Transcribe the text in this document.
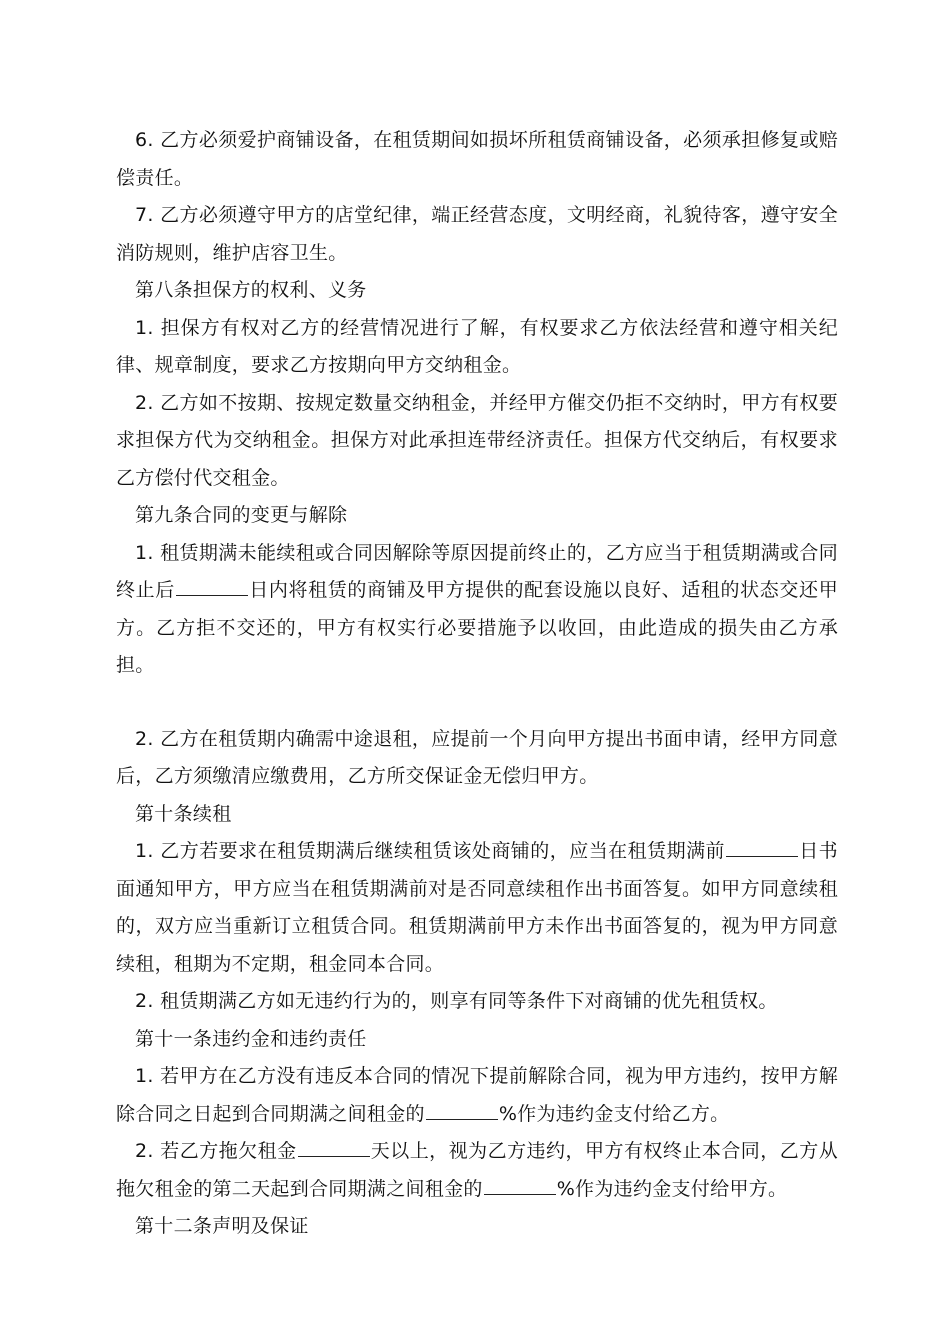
6. 乙方必须爱护商铺设备，在租赁期间如损坏所租赁商铺设备，必须承担修复或赔偿责任。

7. 乙方必须遵守甲方的店堂纪律，端正经营态度，文明经商，礼貌待客，遵守安全消防规则，维护店容卫生。

第八条担保方的权利、义务

1. 担保方有权对乙方的经营情况进行了解，有权要求乙方依法经营和遵守相关纪律、规章制度，要求乙方按期向甲方交纳租金。

2. 乙方如不按期、按规定数量交纳租金，并经甲方催交仍拒不交纳时，甲方有权要求担保方代为交纳租金。担保方对此承担连带经济责任。担保方代交纳后，有权要求乙方偿付代交租金。

第九条合同的变更与解除

1. 租赁期满未能续租或合同因解除等原因提前终止的，乙方应当于租赁期满或合同终止后	日内将租赁的商铺及甲方提供的配套设施以良好、适租的状态交还甲方。乙方拒不交还的，甲方有权实行必要措施予以收回，由此造成的损失由乙方承担。

2. 乙方在租赁期内确需中途退租，应提前一个月向甲方提出书面申请，经甲方同意后，乙方须缴清应缴费用，乙方所交保证金无偿归甲方。

第十条续租

1. 乙方若要求在租赁期满后继续租赁该处商铺的，应当在租赁期满前	日书面通知甲方，甲方应当在租赁期满前对是否同意续租作出书面答复。如甲方同意续租的，双方应当重新订立租赁合同。租赁期满前甲方未作出书面答复的，视为甲方同意续租，租期为不定期，租金同本合同。

2. 租赁期满乙方如无违约行为的，则享有同等条件下对商铺的优先租赁权。

第十一条违约金和违约责任

1. 若甲方在乙方没有违反本合同的情况下提前解除合同，视为甲方违约，按甲方解除合同之日起到合同期满之间租金的	%作为违约金支付给乙方。

2. 若乙方拖欠租金	天以上，视为乙方违约，甲方有权终止本合同，乙方从拖欠租金的第二天起到合同期满之间租金的	%作为违约金支付给甲方。

第十二条声明及保证
